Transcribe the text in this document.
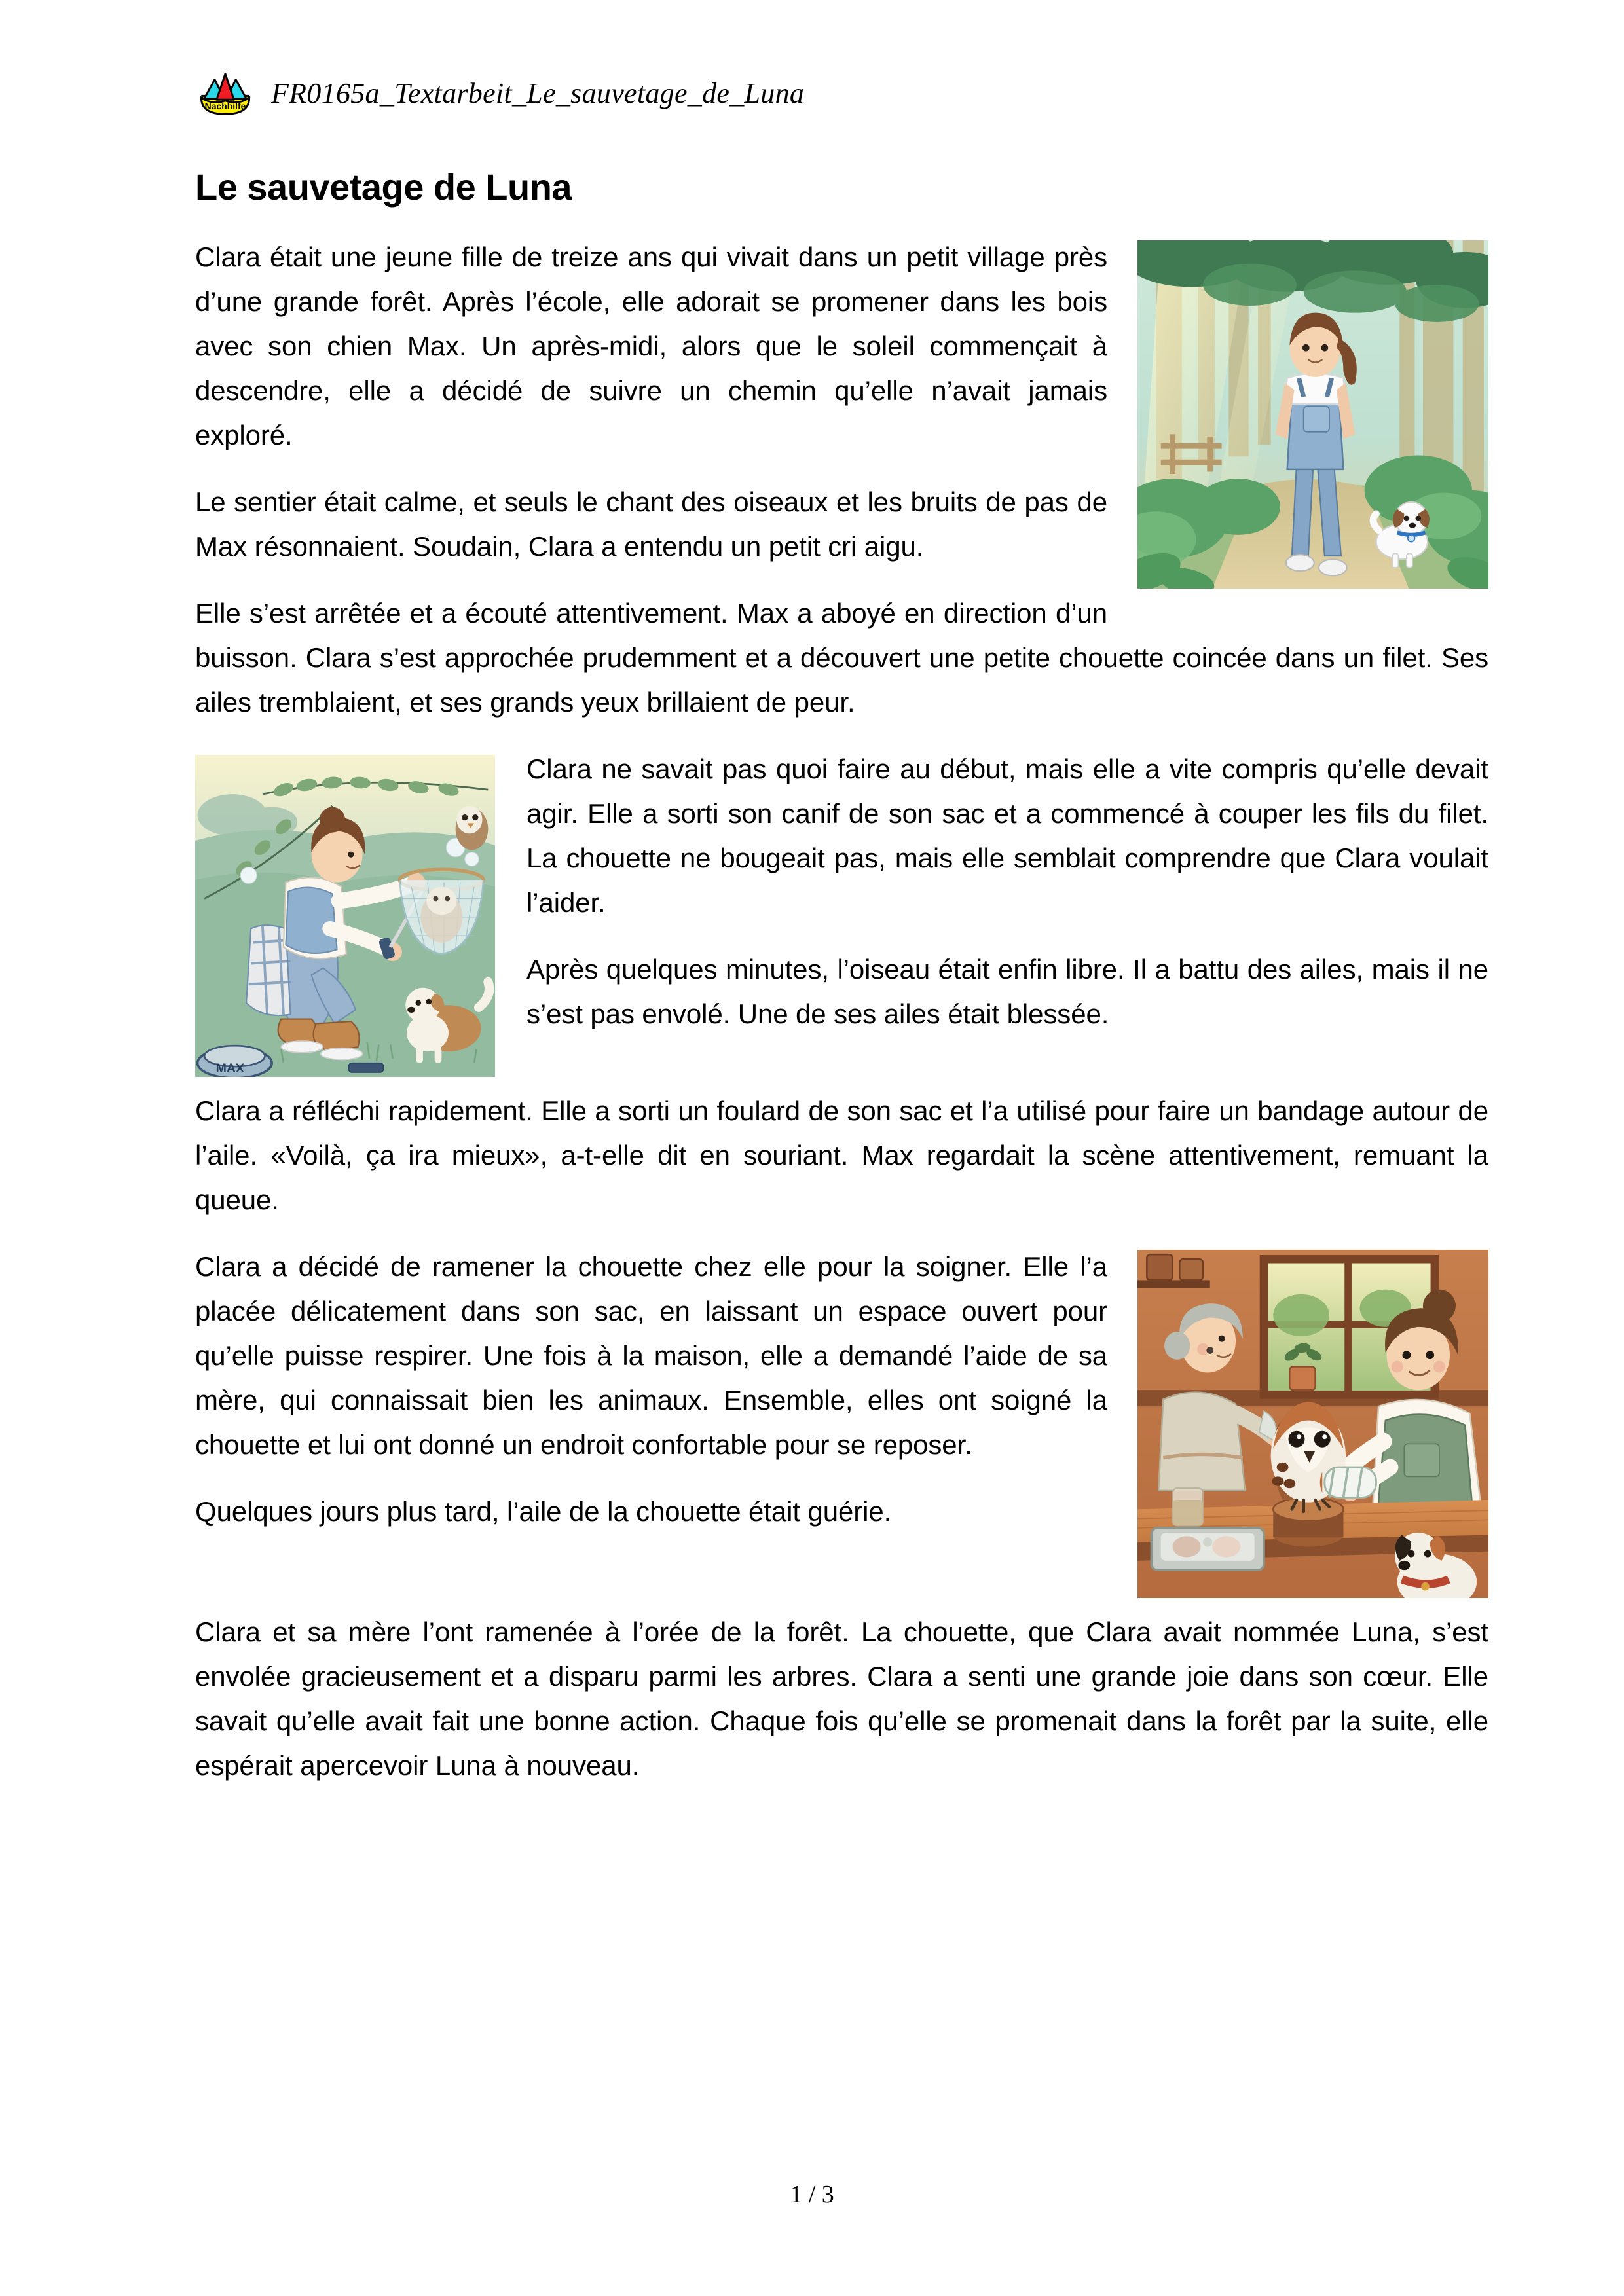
Nachhilfe FR0165a_Textarbeit_Le_sauvetage_de_Luna
Le sauvetage de Luna

Clara était une jeune fille de treize ans qui vivait dans un petit village près d’une grande forêt. Après l’école, elle adorait se promener dans les bois avec son chien Max. Un après-midi, alors que le soleil commençait à descendre, elle a décidé de suivre un chemin qu’elle n’avait jamais exploré.

Le sentier était calme, et seuls le chant des oiseaux et les bruits de pas de Max résonnaient. Soudain, Clara a entendu un petit cri aigu.

Elle s’est arrêtée et a écouté attentivement. Max a aboyé en direction d’un buisson. Clara s’est approchée prudemment et a découvert une petite chouette coincée dans un filet. Ses ailes tremblaient, et ses grands yeux brillaient de peur.

MAX

Clara ne savait pas quoi faire au début, mais elle a vite compris qu’elle devait agir. Elle a sorti son canif de son sac et a commencé à couper les fils du filet. La chouette ne bougeait pas, mais elle semblait comprendre que Clara voulait l’aider.

Après quelques minutes, l’oiseau était enfin libre. Il a battu des ailes, mais il ne s’est pas envolé. Une de ses ailes était blessée.

Clara a réfléchi rapidement. Elle a sorti un foulard de son sac et l’a utilisé pour faire un bandage autour de l’aile. «Voilà, ça ira mieux», a-t-elle dit en souriant. Max regardait la scène attentivement, remuant la queue.

Clara a décidé de ramener la chouette chez elle pour la soigner. Elle l’a placée délicatement dans son sac, en laissant un espace ouvert pour qu’elle puisse respirer. Une fois à la maison, elle a demandé l’aide de sa mère, qui connaissait bien les animaux. Ensemble, elles ont soigné la chouette et lui ont donné un endroit confortable pour se reposer.

Quelques jours plus tard, l’aile de la chouette était guérie.

Clara et sa mère l’ont ramenée à l’orée de la forêt. La chouette, que Clara avait nommée Luna, s’est envolée gracieusement et a disparu parmi les arbres. Clara a senti une grande joie dans son cœur. Elle savait qu’elle avait fait une bonne action. Chaque fois qu’elle se promenait dans la forêt par la suite, elle espérait apercevoir Luna à nouveau.

1 / 3
